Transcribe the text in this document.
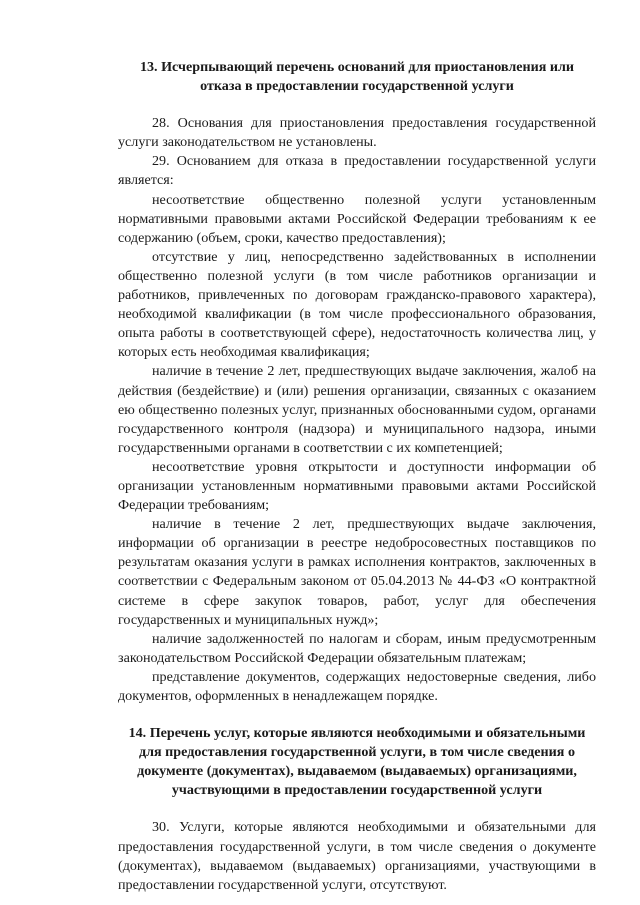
13. Исчерпывающий перечень оснований для приостановления или отказа в предоставлении государственной услуги

28. Основания для приостановления предоставления государственной услуги законодательством не установлены.

29. Основанием для отказа в предоставлении государственной услуги является:

несоответствие общественно полезной услуги установленным нормативными правовыми актами Российской Федерации требованиям к ее содержанию (объем, сроки, качество предоставления);

отсутствие у лиц, непосредственно задействованных в исполнении общественно полезной услуги (в том числе работников организации и работников, привлеченных по договорам гражданско-правового характера), необходимой квалификации (в том числе профессионального образования, опыта работы в соответствующей сфере), недостаточность количества лиц, у которых есть необходимая квалификация;

наличие в течение 2 лет, предшествующих выдаче заключения, жалоб на действия (бездействие) и (или) решения организации, связанных с оказанием ею общественно полезных услуг, признанных обоснованными судом, органами государственного контроля (надзора) и муниципального надзора, иными государственными органами в соответствии с их компетенцией;

несоответствие уровня открытости и доступности информации об организации установленным нормативными правовыми актами Российской Федерации требованиям;

наличие в течение 2 лет, предшествующих выдаче заключения, информации об организации в реестре недобросовестных поставщиков по результатам оказания услуги в рамках исполнения контрактов, заключенных в соответствии с Федеральным законом от 05.04.2013 № 44-ФЗ «О контрактной системе в сфере закупок товаров, работ, услуг для обеспечения государственных и муниципальных нужд»;

наличие задолженностей по налогам и сборам, иным предусмотренным законодательством Российской Федерации обязательным платежам;

представление документов, содержащих недостоверные сведения, либо документов, оформленных в ненадлежащем порядке.

14. Перечень услуг, которые являются необходимыми и обязательными для предоставления государственной услуги, в том числе сведения о документе (документах), выдаваемом (выдаваемых) организациями, участвующими в предоставлении государственной услуги

30. Услуги, которые являются необходимыми и обязательными для предоставления государственной услуги, в том числе сведения о документе (документах), выдаваемом (выдаваемых) организациями, участвующими в предоставлении государственной услуги, отсутствуют.
